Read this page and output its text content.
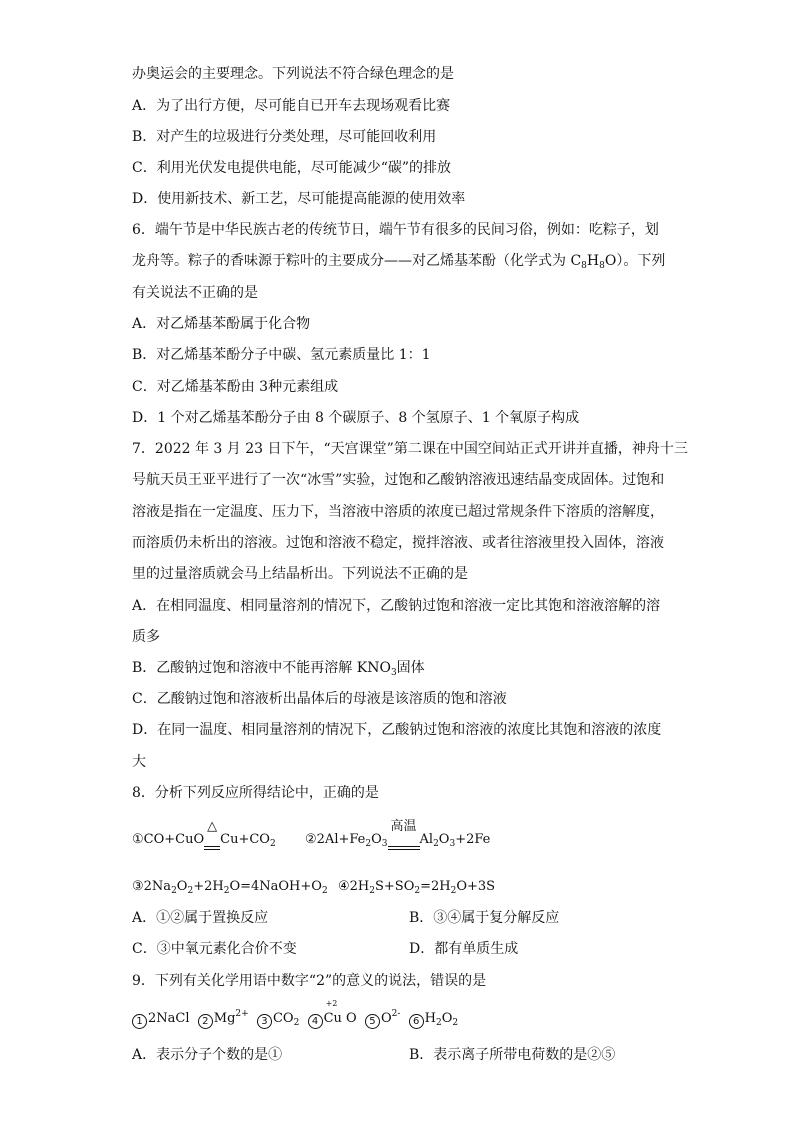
办奥运会的主要理念。下列说法不符合绿色理念的是
A．为了出行方便，尽可能自已开车去现场观看比赛
B．对产生的垃圾进行分类处理，尽可能回收利用
C．利用光伏发电提供电能，尽可能减少“碳”的排放
D．使用新技术、新工艺，尽可能提高能源的使用效率
6．端午节是中华民族古老的传统节日，端午节有很多的民间习俗，例如：吃粽子，划
龙舟等。粽子的香味源于粽叶的主要成分——对乙烯基苯酚（化学式为 $C_8H_8O$）。下列
有关说法不正确的是
A．对乙烯基苯酚属于化合物
B．对乙烯基苯酚分子中碳、氢元素质量比 1：1
C．对乙烯基苯酚由 3种元素组成
D．1 个对乙烯基苯酚分子由 8 个碳原子、8 个氢原子、1 个氧原子构成
7．2022 年 3 月 23 日下午，“天宫课堂”第二课在中国空间站正式开讲并直播，神舟十三
号航天员王亚平进行了一次“冰雪”实验，过饱和乙酸钠溶液迅速结晶变成固体。过饱和
溶液是指在一定温度、压力下，当溶液中溶质的浓度已超过常规条件下溶质的溶解度，
而溶质仍未析出的溶液。过饱和溶液不稳定，搅拌溶液、或者往溶液里投入固体，溶液
里的过量溶质就会马上结晶析出。下列说法不正确的是
A．在相同温度、相同量溶剂的情况下，乙酸钠过饱和溶液一定比其饱和溶液溶解的溶
质多
B．乙酸钠过饱和溶液中不能再溶解 $KNO_3$固体
C．乙酸钠过饱和溶液析出晶体后的母液是该溶质的饱和溶液
D．在同一温度、相同量溶剂的情况下，乙酸钠过饱和溶液的浓度比其饱和溶液的浓度
大
8．分析下列反应所得结论中，正确的是
①CO+CuO
△
$Cu+CO_2$ $②2Al+Fe_2O_3$
高温
$Al_2O_3+2Fe$
$③2Na_2O_2+2H_2O=4NaOH+O_2$ $④2H_2S+SO_2=2H_2O+3S$
A．①②属于置换反应	B．③④属于复分解反应
C．③中氧元素化合价不变	D．都有单质生成
9．下列有关化学用语中数字“2”的意义的说法，错误的是
1 2NaCl 2 $Mg^{2+}$  3 $CO_2$ 4
+2
Cu O 5 $O^{2-}$  6 $H_2O_2$
A．表示分子个数的是①	B．表示离子所带电荷数的是②⑤
